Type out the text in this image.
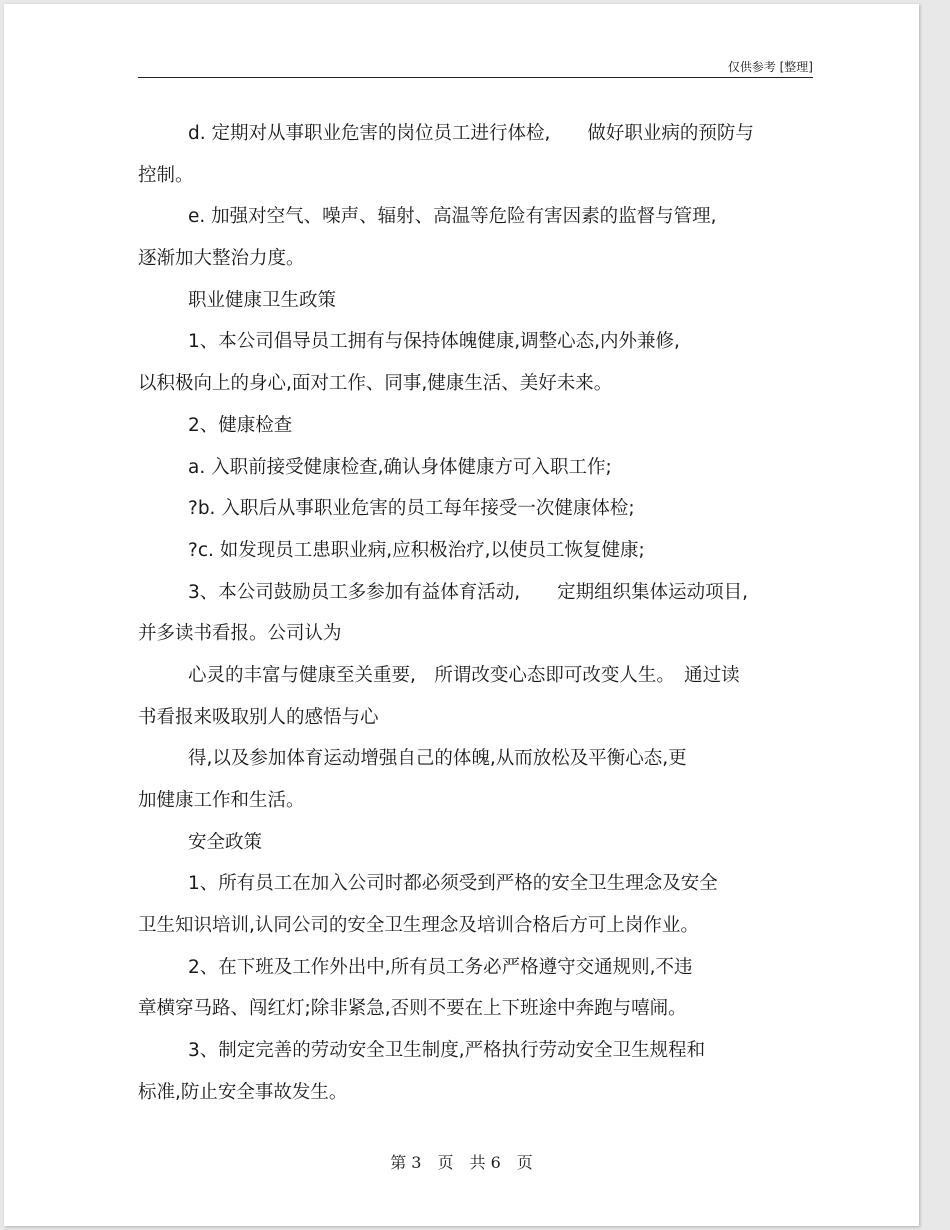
仅供参考 [整理]
d. 定期对从事职业危害的岗位员工进行体检,　　做好职业病的预防与
控制。
e. 加强对空气、噪声、辐射、高温等危险有害因素的监督与管理,
逐渐加大整治力度。
职业健康卫生政策
1、本公司倡导员工拥有与保持体魄健康,调整心态,内外兼修,
以积极向上的身心,面对工作、同事,健康生活、美好未来。
2、健康检查
a. 入职前接受健康检查,确认身体健康方可入职工作;
?b. 入职后从事职业危害的员工每年接受一次健康体检;
?c. 如发现员工患职业病,应积极治疗,以使员工恢复健康;
3、本公司鼓励员工多参加有益体育活动,　　定期组织集体运动项目,
并多读书看报。公司认为
心灵的丰富与健康至关重要,　所谓改变心态即可改变人生。　通过读
书看报来吸取别人的感悟与心
得,以及参加体育运动增强自己的体魄,从而放松及平衡心态,更
加健康工作和生活。
安全政策
1、所有员工在加入公司时都必须受到严格的安全卫生理念及安全
卫生知识培训,认同公司的安全卫生理念及培训合格后方可上岗作业。
2、在下班及工作外出中,所有员工务必严格遵守交通规则,不违
章横穿马路、闯红灯;除非紧急,否则不要在上下班途中奔跑与嘻闹。
3、制定完善的劳动安全卫生制度,严格执行劳动安全卫生规程和
标准,防止安全事故发生。
第 3　页　共 6　页
